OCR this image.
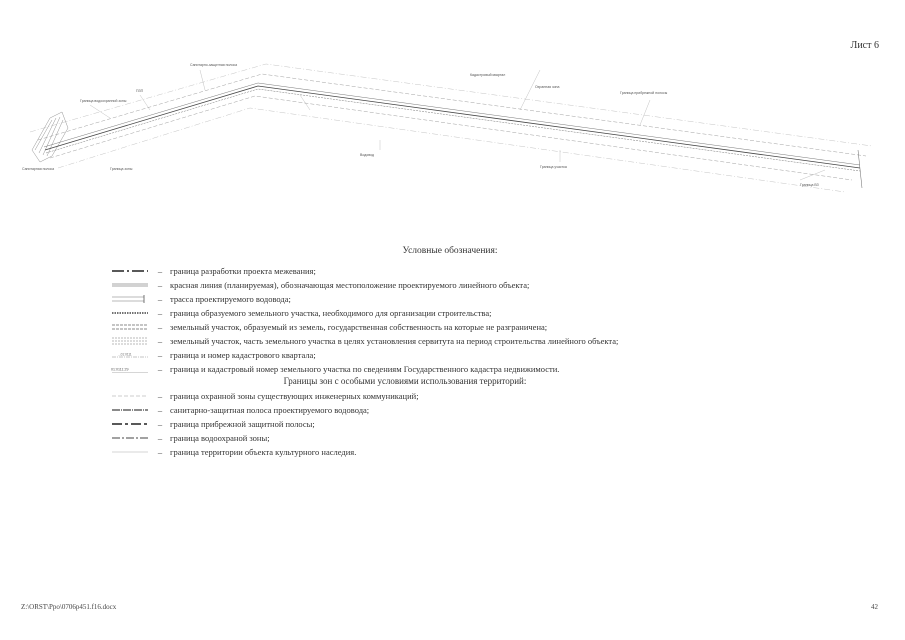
Лист 6
Граница водоохранной зоны
ПЗП
Санитарно-защитная полоса
Кадастровый квартал
Охранная зона
Граница прибрежной полосы
Граница зоны
Водовод
Граница участка
Граница ВЗ
Санитарная полоса
Условные обозначения:
– граница разработки проекта межевания;
– красная линия (планируемая), обозначающая местоположение проектируемого линейного объекта;
– трасса проектируемого водовода;
– граница образуемого земельного участка, необходимого для организации строительства;
– земельный участок, образуемый из земель, государственная собственность на которые не разграничена;
– земельный участок, часть земельного участка в целях установления сервитута на период строительства линейного объекта;
...01:0111	– граница и номер кадастрового квартала;
01:0111:29	– граница и кадастровый номер земельного участка по сведениям Государственного кадастра недвижимости.
Границы зон с особыми условиями использования территорий:
– граница охранной зоны существующих инженерных коммуникаций;
– санитарно-защитная полоса проектируемого водовода;
– граница прибрежной защитной полосы;
– граница водоохраной зоны;
– граница территории объекта культурного наследия.
Z:\ORST\Ppo\0706p451.f16.docx	42
